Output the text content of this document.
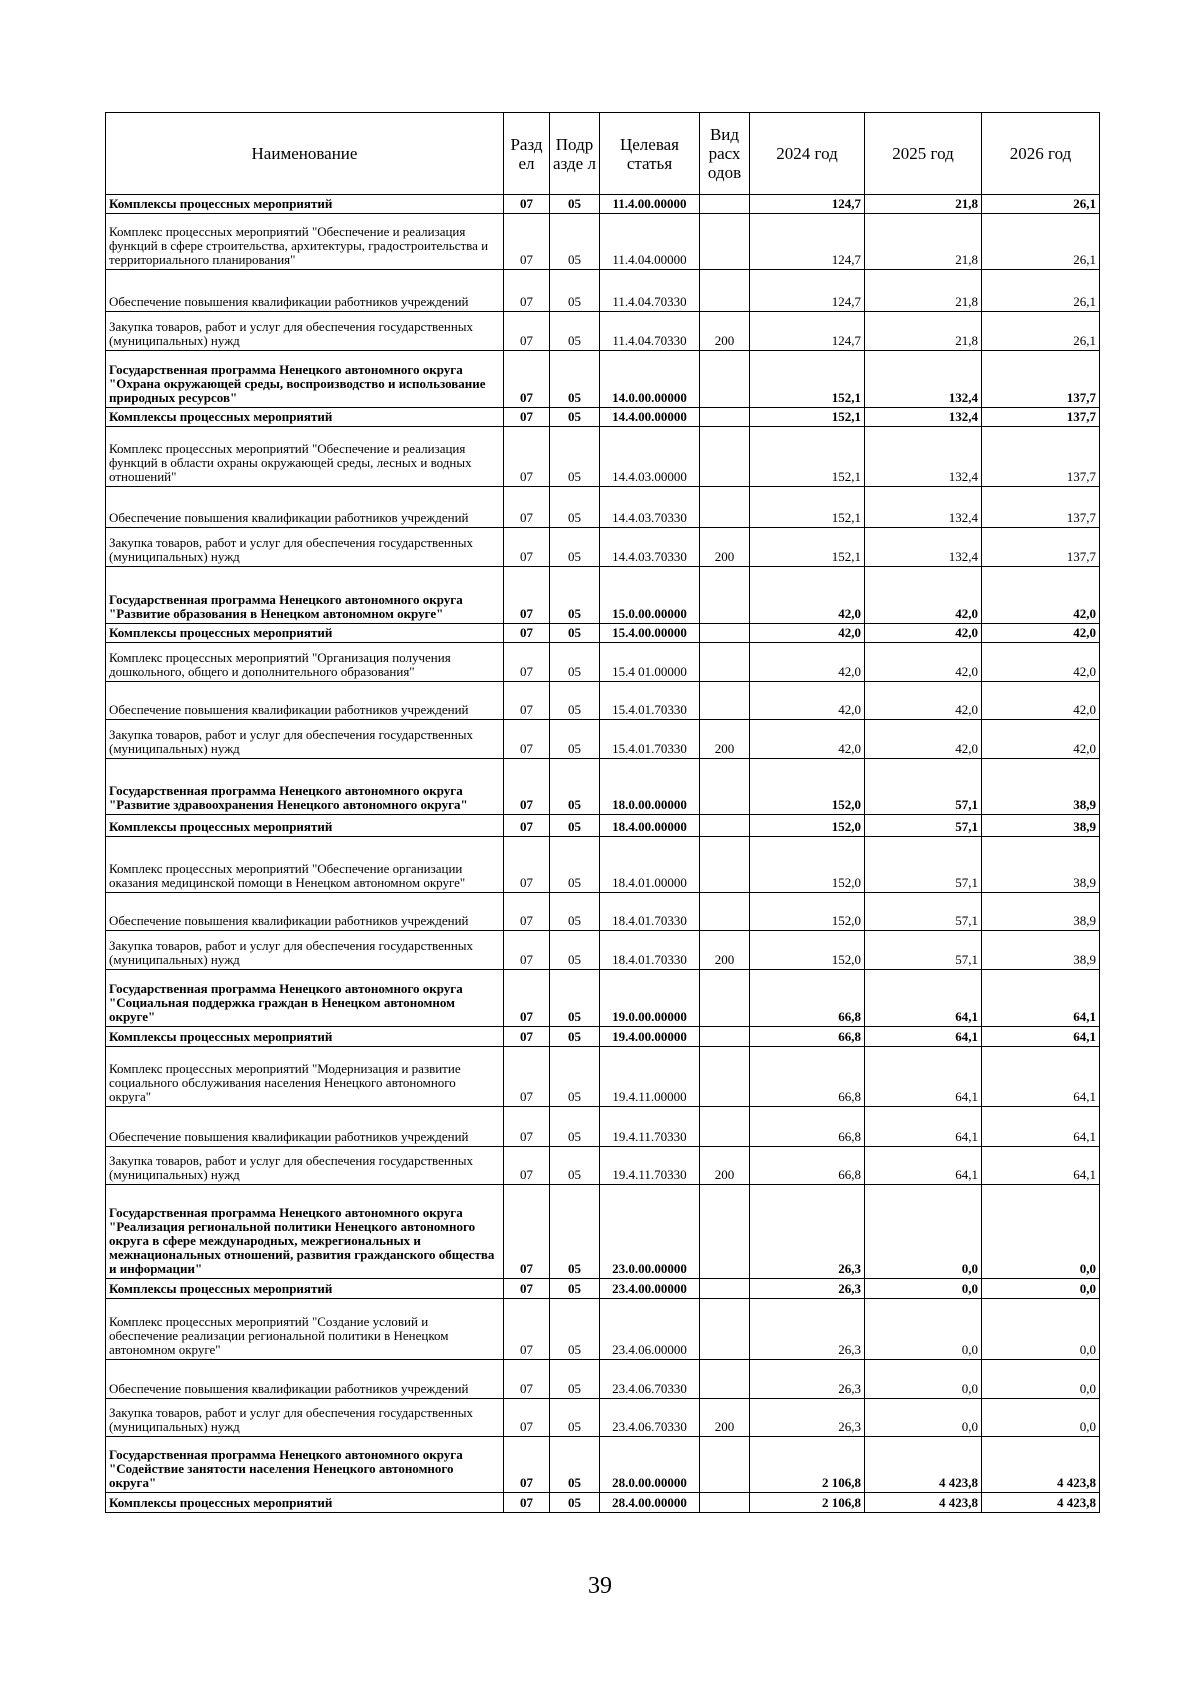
Наименование	Разд ел	Подр азде л	Целевая статья	Вид расх одов	2024 год	2025 год	2026 год
Комплексы процессных мероприятий	07	05	11.4.00.00000		124,7	21,8	26,1
Комплекс процессных мероприятий "Обеспечение и реализация функций в сфере строительства, архитектуры, градостроительства и территориального планирования"	07	05	11.4.04.00000		124,7	21,8	26,1
Обеспечение повышения квалификации работников учреждений	07	05	11.4.04.70330		124,7	21,8	26,1
Закупка товаров, работ и услуг для обеспечения государственных (муниципальных) нужд	07	05	11.4.04.70330	200	124,7	21,8	26,1
Государственная программа Ненецкого автономного округа "Охрана окружающей среды, воспроизводство и использование природных ресурсов"	07	05	14.0.00.00000		152,1	132,4	137,7
Комплексы процессных мероприятий	07	05	14.4.00.00000		152,1	132,4	137,7
Комплекс процессных мероприятий "Обеспечение и реализация функций в области охраны окружающей среды, лесных и водных отношений"	07	05	14.4.03.00000		152,1	132,4	137,7
Обеспечение повышения квалификации работников учреждений	07	05	14.4.03.70330		152,1	132,4	137,7
Закупка товаров, работ и услуг для обеспечения государственных (муниципальных) нужд	07	05	14.4.03.70330	200	152,1	132,4	137,7
Государственная программа Ненецкого автономного округа "Развитие образования в Ненецком автономном округе"	07	05	15.0.00.00000		42,0	42,0	42,0
Комплексы процессных мероприятий	07	05	15.4.00.00000		42,0	42,0	42,0
Комплекс процессных мероприятий "Организация получения дошкольного, общего и дополнительного образования"	07	05	15.4 01.00000		42,0	42,0	42,0
Обеспечение повышения квалификации работников учреждений	07	05	15.4.01.70330		42,0	42,0	42,0
Закупка товаров, работ и услуг для обеспечения государственных (муниципальных) нужд	07	05	15.4.01.70330	200	42,0	42,0	42,0
Государственная программа Ненецкого автономного округа "Развитие здравоохранения Ненецкого автономного округа"	07	05	18.0.00.00000		152,0	57,1	38,9
Комплексы процессных мероприятий	07	05	18.4.00.00000		152,0	57,1	38,9
Комплекс процессных мероприятий "Обеспечение организации оказания медицинской помощи в Ненецком автономном округе"	07	05	18.4.01.00000		152,0	57,1	38,9
Обеспечение повышения квалификации работников учреждений	07	05	18.4.01.70330		152,0	57,1	38,9
Закупка товаров, работ и услуг для обеспечения государственных (муниципальных) нужд	07	05	18.4.01.70330	200	152,0	57,1	38,9
Государственная программа Ненецкого автономного округа "Социальная поддержка граждан в Ненецком автономном округе"	07	05	19.0.00.00000		66,8	64,1	64,1
Комплексы процессных мероприятий	07	05	19.4.00.00000		66,8	64,1	64,1
Комплекс процессных мероприятий "Модернизация и развитие социального обслуживания населения Ненецкого автономного округа"	07	05	19.4.11.00000		66,8	64,1	64,1
Обеспечение повышения квалификации работников учреждений	07	05	19.4.11.70330		66,8	64,1	64,1
Закупка товаров, работ и услуг для обеспечения государственных (муниципальных) нужд	07	05	19.4.11.70330	200	66,8	64,1	64,1
Государственная программа Ненецкого автономного округа "Реализация региональной политики Ненецкого автономного округа в сфере международных, межрегиональных и межнациональных отношений, развития гражданского общества и информации"	07	05	23.0.00.00000		26,3	0,0	0,0
Комплексы процессных мероприятий	07	05	23.4.00.00000		26,3	0,0	0,0
Комплекс процессных мероприятий "Создание условий и обеспечение реализации региональной политики в Ненецком автономном округе"	07	05	23.4.06.00000		26,3	0,0	0,0
Обеспечение повышения квалификации работников учреждений	07	05	23.4.06.70330		26,3	0,0	0,0
Закупка товаров, работ и услуг для обеспечения государственных (муниципальных) нужд	07	05	23.4.06.70330	200	26,3	0,0	0,0
Государственная программа Ненецкого автономного округа "Содействие занятости населения Ненецкого автономного округа"	07	05	28.0.00.00000		2 106,8	4 423,8	4 423,8
Комплексы процессных мероприятий	07	05	28.4.00.00000		2 106,8	4 423,8	4 423,8
39
